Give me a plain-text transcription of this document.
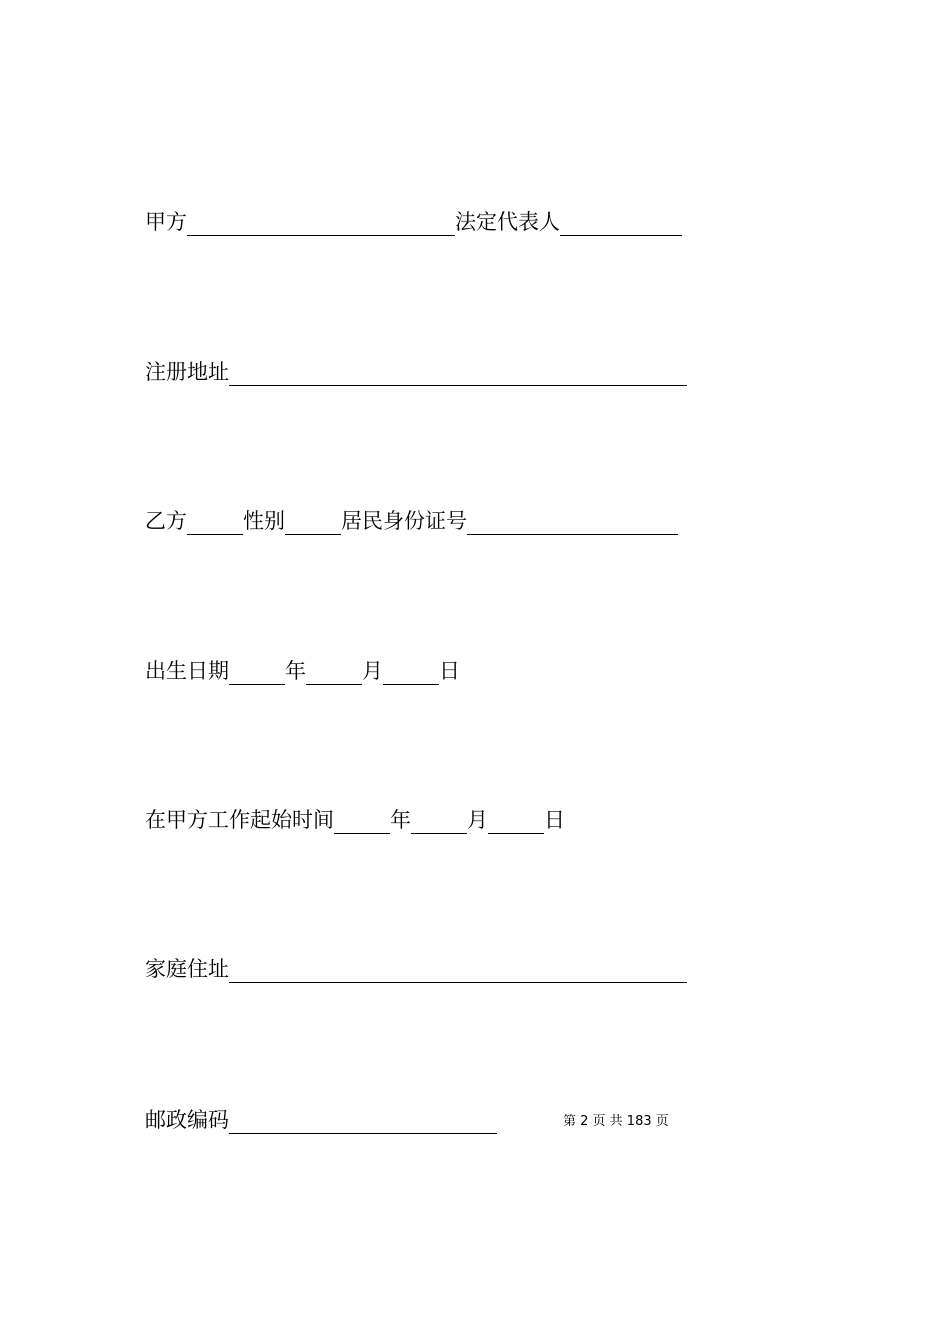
甲方	法定代表人
注册地址
乙方	性别	居民身份证号
出生日期	年	月	日
在甲方工作起始时间	年	月	日
家庭住址
邮政编码	第 2 页 共 183 页
